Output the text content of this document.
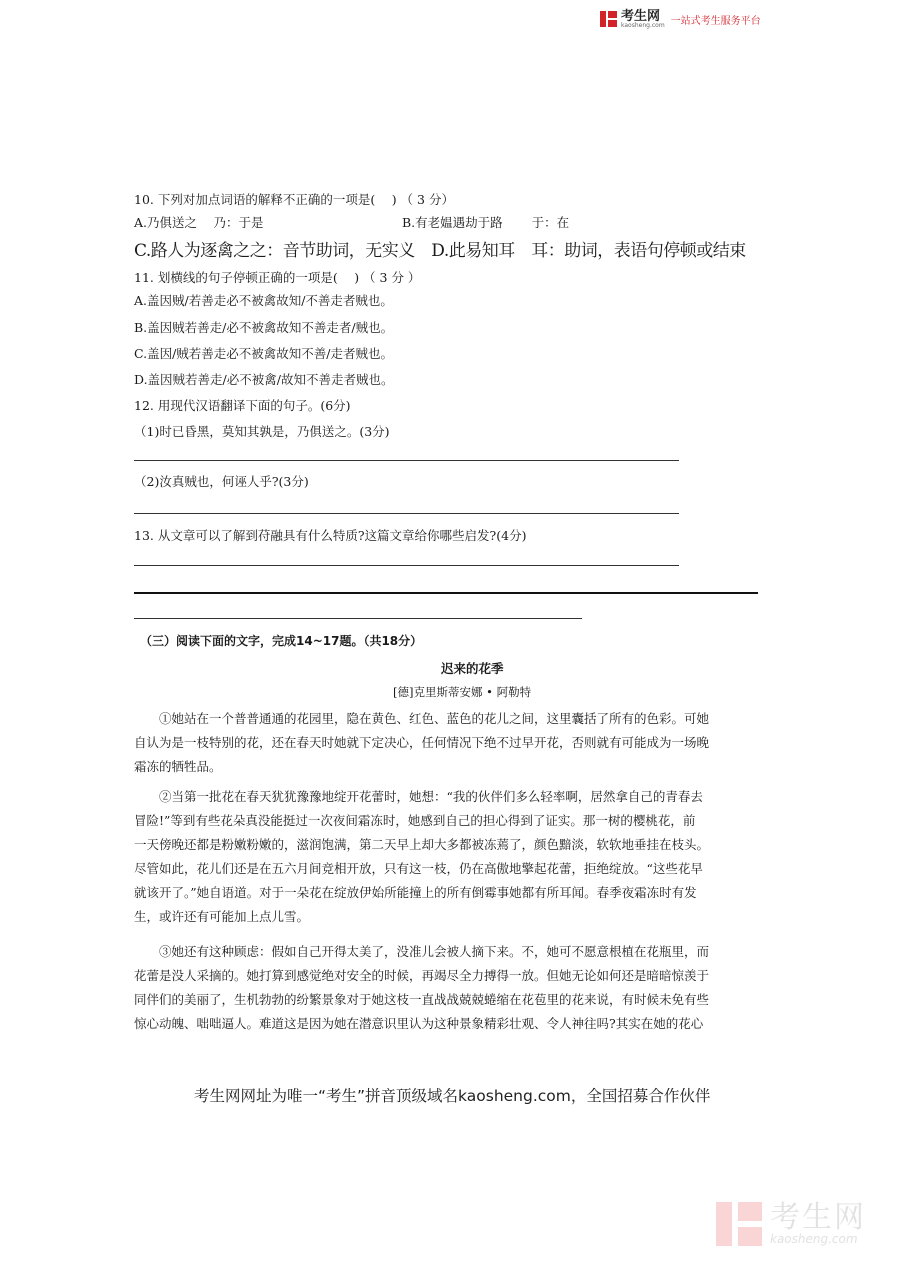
考生网
kaosheng.com 一站式考生服务平台
10. 下列对加点词语的解释不正确的一项是(　 ) （ 3 分）
A.乃俱送之　 乃：于是	B.有老媪遇劫于路　　 于：在
C.路人为逐禽之之：音节助词，无实义　D.此易知耳　耳：助词，表语句停顿或结束
11. 划横线的句子停顿正确的一项是(　 ) （ 3 分 ）
A.盖因贼/若善走必不被禽故知/不善走者贼也。
B.盖因贼若善走/必不被禽故知不善走者/贼也。
C.盖因/贼若善走必不被禽故知不善/走者贼也。
D.盖因贼若善走/必不被禽/故知不善走者贼也。
12. 用现代汉语翻译下面的句子。(6分)
（1)时已昏黑，莫知其孰是，乃俱送之。(3分)
（2)汝真贼也，何诬人乎?(3分)
13. 从文章可以了解到苻融具有什么特质?这篇文章给你哪些启发?(4分)
（三）阅读下面的文字，完成14~17题。（共18分）
迟来的花季
[德]克里斯蒂安娜 • 阿勒特
①她站在一个普普通通的花园里，隐在黄色、红色、蓝色的花儿之间，这里囊括了所有的色彩。可她
自认为是一枝特别的花，还在春天时她就下定决心，任何情况下绝不过早开花，否则就有可能成为一场晚
霜冻的牺牲品。
②当第一批花在春天犹犹豫豫地绽开花蕾时，她想：“我的伙伴们多么轻率啊，居然拿自己的青春去
冒险!”等到有些花朵真没能挺过一次夜间霜冻时，她感到自己的担心得到了证实。那一树的樱桃花，前
一天傍晚还都是粉嫩粉嫩的，滋润饱满，第二天早上却大多都被冻蔫了，颜色黯淡，软软地垂挂在枝头。
尽管如此，花儿们还是在五六月间竞相开放，只有这一枝，仍在高傲地擎起花蕾，拒绝绽放。“这些花早
就该开了。”她自语道。对于一朵花在绽放伊始所能撞上的所有倒霉事她都有所耳闻。春季夜霜冻时有发
生，或许还有可能加上点儿雪。
③她还有这种顾虑：假如自己开得太美了，没准儿会被人摘下来。不，她可不愿意根植在花瓶里，而
花蕾是没人采摘的。她打算到感觉绝对安全的时候，再竭尽全力搏得一放。但她无论如何还是暗暗惊羡于
同伴们的美丽了，生机勃勃的纷繁景象对于她这枝一直战战兢兢蜷缩在花苞里的花来说，有时候未免有些
惊心动魄、咄咄逼人。难道这是因为她在潜意识里认为这种景象精彩壮观、令人神往吗?其实在她的花心
考生网网址为唯一“考生”拼音顶级域名kaosheng.com，全国招募合作伙伴
考生网
kaosheng.com
